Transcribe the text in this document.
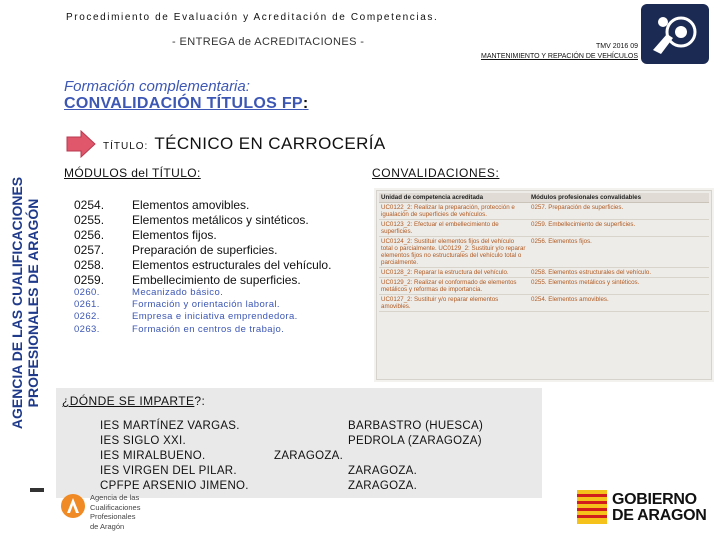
Procedimiento de Evaluación y Acreditación de Competencias.
- ENTREGA de ACREDITACIONES -	TMV 2016 09
MANTENIMIENTO Y REPACIÓN DE VEHÍCULOS
AGENCIA DE LAS CUALIFICACIONES PROFESIONALES DE ARAGÓN
Formación complementaria:
CONVALIDACIÓN TÍTULOS FP:
TÍTULO: TÉCNICO EN CARROCERÍA
MÓDULOS del TÍTULO:	CONVALIDACIONES:
0254.	Elementos amovibles.
0255.	Elementos metálicos y sintéticos.
0256.	Elementos fijos.
0257.	Preparación de superficies.
0258.	Elementos estructurales del vehículo.
0259.	Embellecimiento de superficies.
0260.	Mecanizado básico.
0261.	Formación y orientación laboral.
0262.	Empresa e iniciativa emprendedora.
0263.	Formación en centros de trabajo.
Unidad de competencia acreditada	Módulos profesionales convalidables
UC0122_2: Realizar la preparación, protección e igualación de superficies de vehículos.	0257. Preparación de superficies.
UC0123_2: Efectuar el embellecimiento de superficies.	0259. Embellecimiento de superficies.
UC0124_2: Sustituir elementos fijos del vehículo total o parcialmente. UC0129_2: Sustituir y/o reparar elementos fijos no estructurales del vehículo total o parcialmente.	0256. Elementos fijos.
UC0128_2: Reparar la estructura del vehículo.	0258. Elementos estructurales del vehículo.
UC0129_2: Realizar el conformado de elementos metálicos y reformas de importancia.	0255. Elementos metálicos y sintéticos.
UC0127_2: Sustituir y/o reparar elementos amovibles.	0254. Elementos amovibles.
¿DÓNDE SE IMPARTE?:
IES MARTÍNEZ VARGAS.	BARBASTRO (HUESCA)
IES SIGLO XXI.	PEDROLA (ZARAGOZA)
IES MIRALBUENO.	ZARAGOZA.
IES VIRGEN DEL PILAR.	ZARAGOZA.
CPFPE ARSENIO JIMENO.	ZARAGOZA.
Agencia de las
Cualificaciones
Profesionales
de Aragón
GOBIERNO
DE ARAGON
